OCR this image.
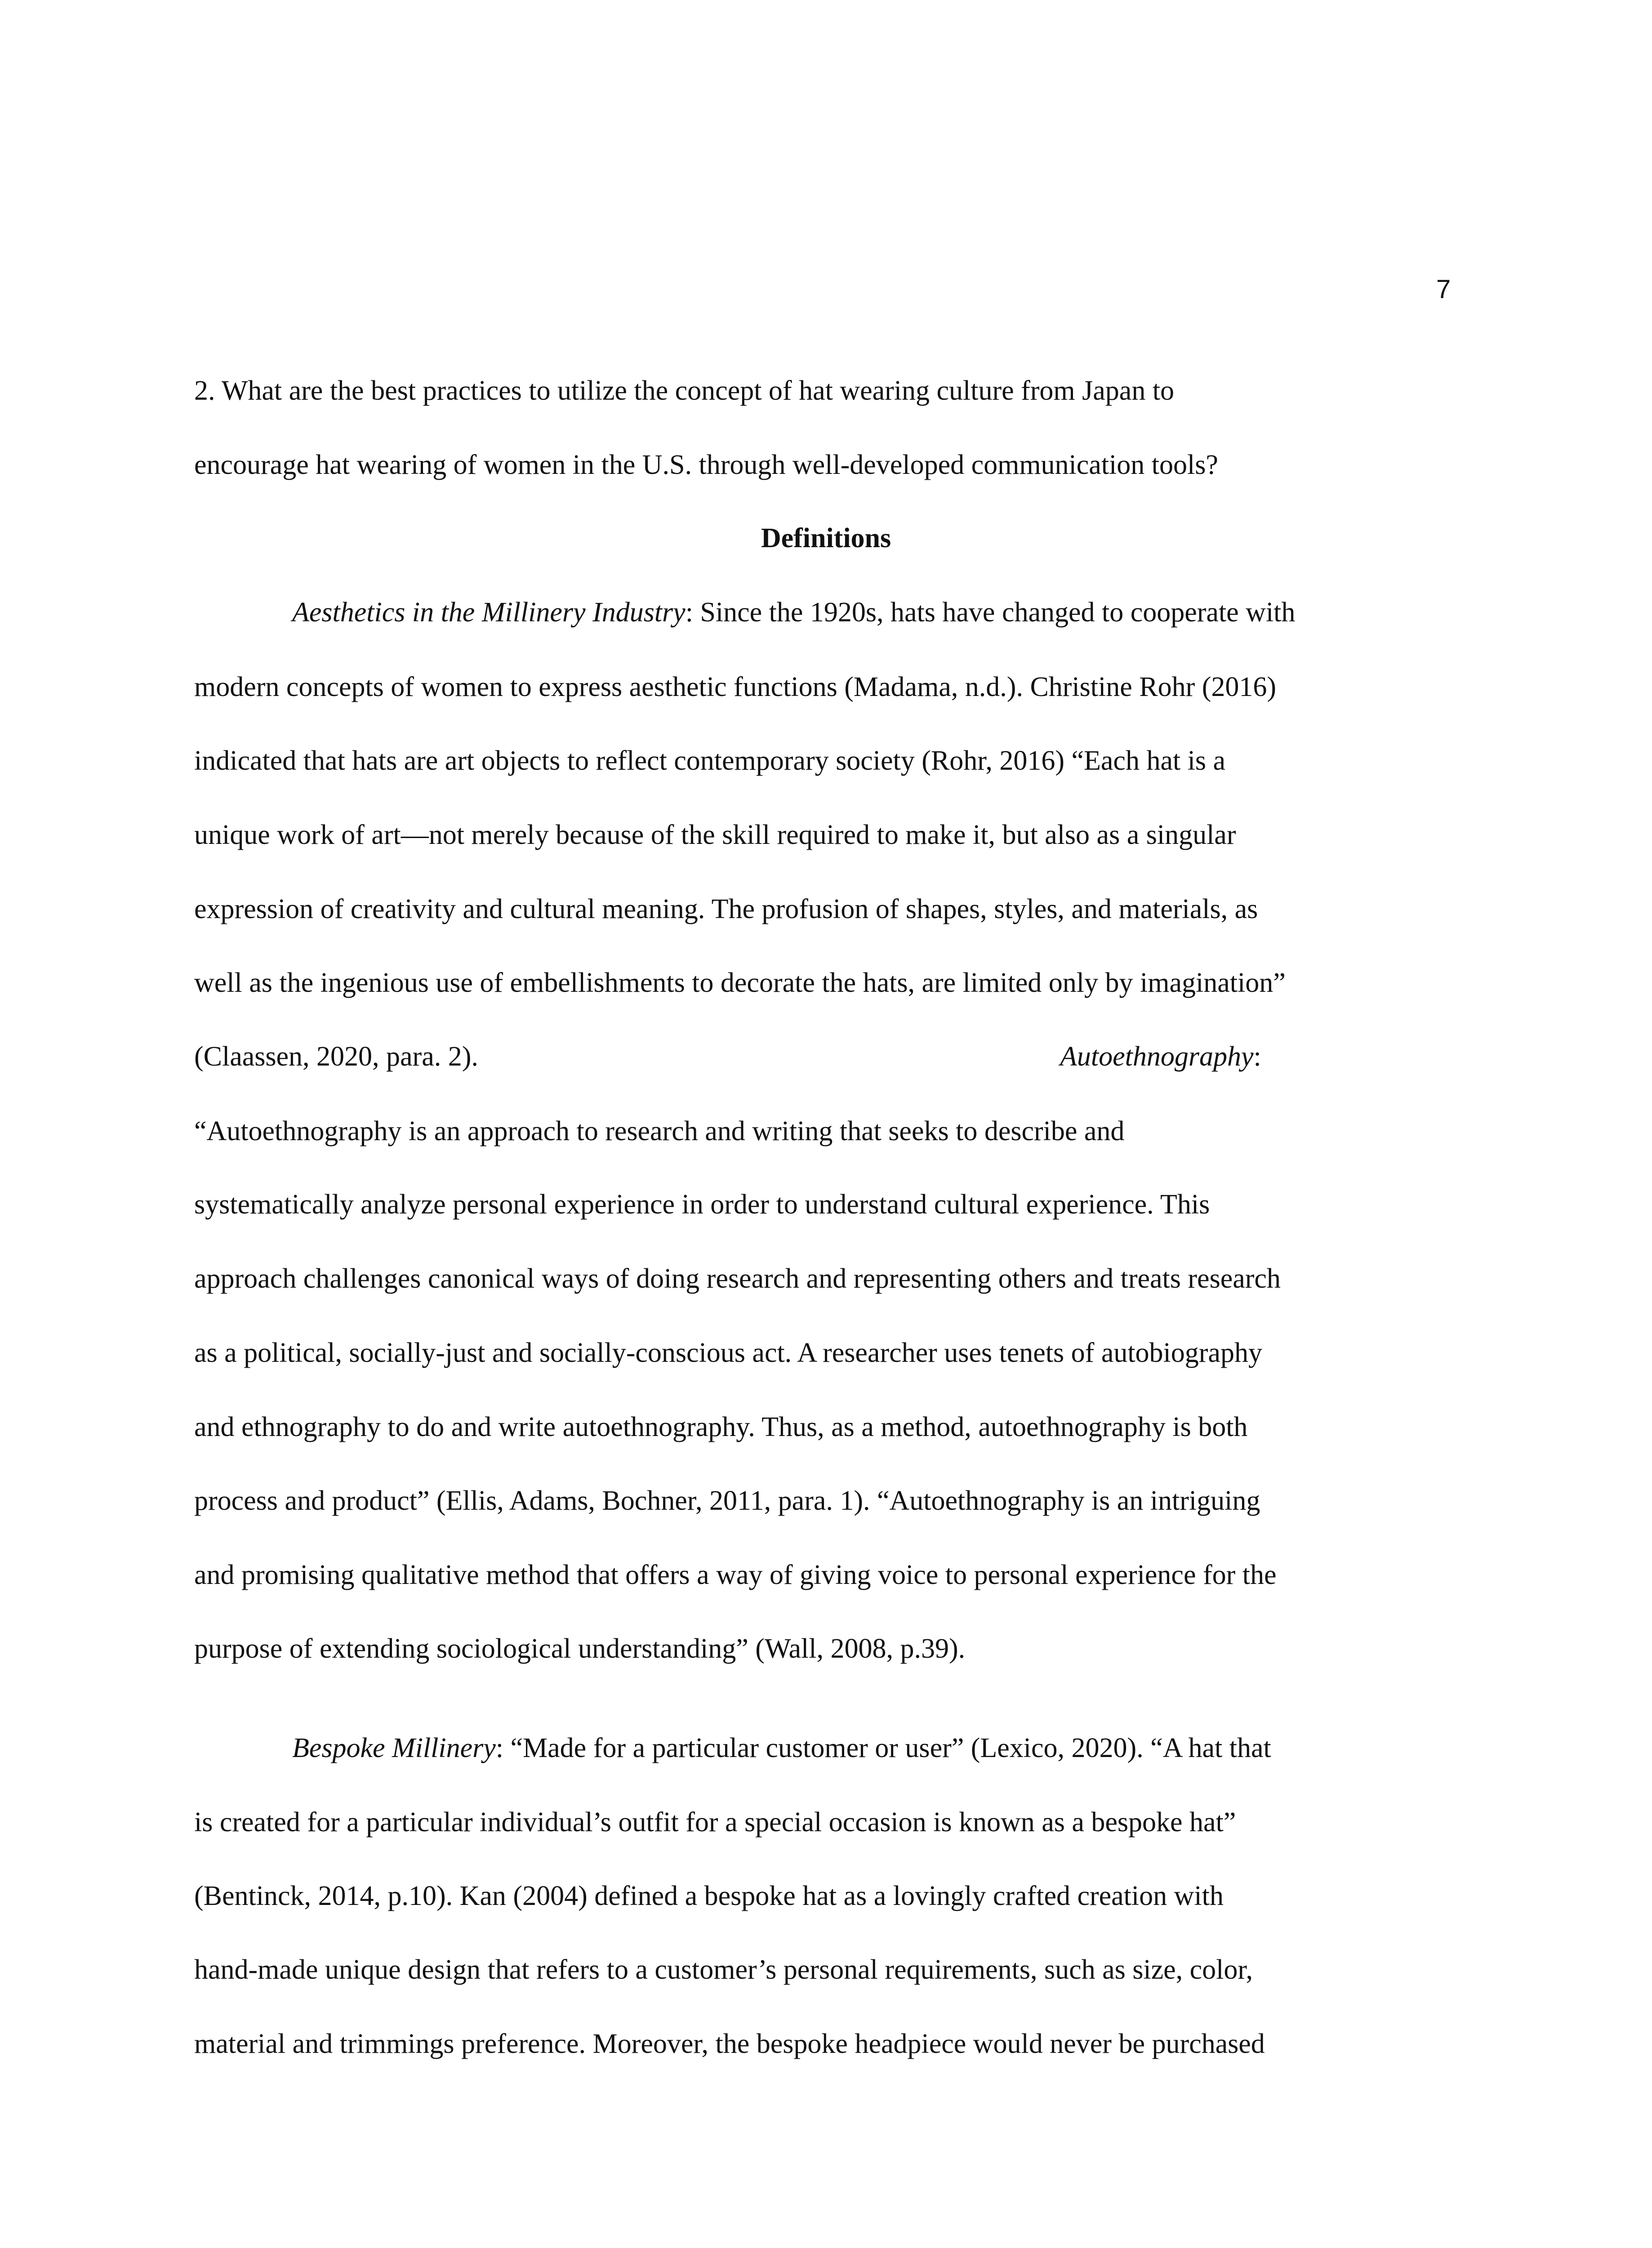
7
2. What are the best practices to utilize the concept of hat wearing culture from Japan to
encourage hat wearing of women in the U.S. through well-developed communication tools?
Definitions
Aesthetics in the Millinery Industry: Since the 1920s, hats have changed to cooperate with
modern concepts of women to express aesthetic functions (Madama, n.d.). Christine Rohr (2016)
indicated that hats are art objects to reflect contemporary society (Rohr, 2016) “Each hat is a
unique work of art—not merely because of the skill required to make it, but also as a singular
expression of creativity and cultural meaning. The profusion of shapes, styles, and materials, as
well as the ingenious use of embellishments to decorate the hats, are limited only by imagination”
(Claassen, 2020, para. 2).	Autoethnography:
“Autoethnography is an approach to research and writing that seeks to describe and
systematically analyze personal experience in order to understand cultural experience. This
approach challenges canonical ways of doing research and representing others and treats research
as a political, socially-just and socially-conscious act. A researcher uses tenets of autobiography
and ethnography to do and write autoethnography. Thus, as a method, autoethnography is both
process and product” (Ellis, Adams, Bochner, 2011, para. 1). “Autoethnography is an intriguing
and promising qualitative method that offers a way of giving voice to personal experience for the
purpose of extending sociological understanding” (Wall, 2008, p.39).
Bespoke Millinery: “Made for a particular customer or user” (Lexico, 2020). “A hat that
is created for a particular individual’s outfit for a special occasion is known as a bespoke hat”
(Bentinck, 2014, p.10). Kan (2004) defined a bespoke hat as a lovingly crafted creation with
hand-made unique design that refers to a customer’s personal requirements, such as size, color,
material and trimmings preference. Moreover, the bespoke headpiece would never be purchased
